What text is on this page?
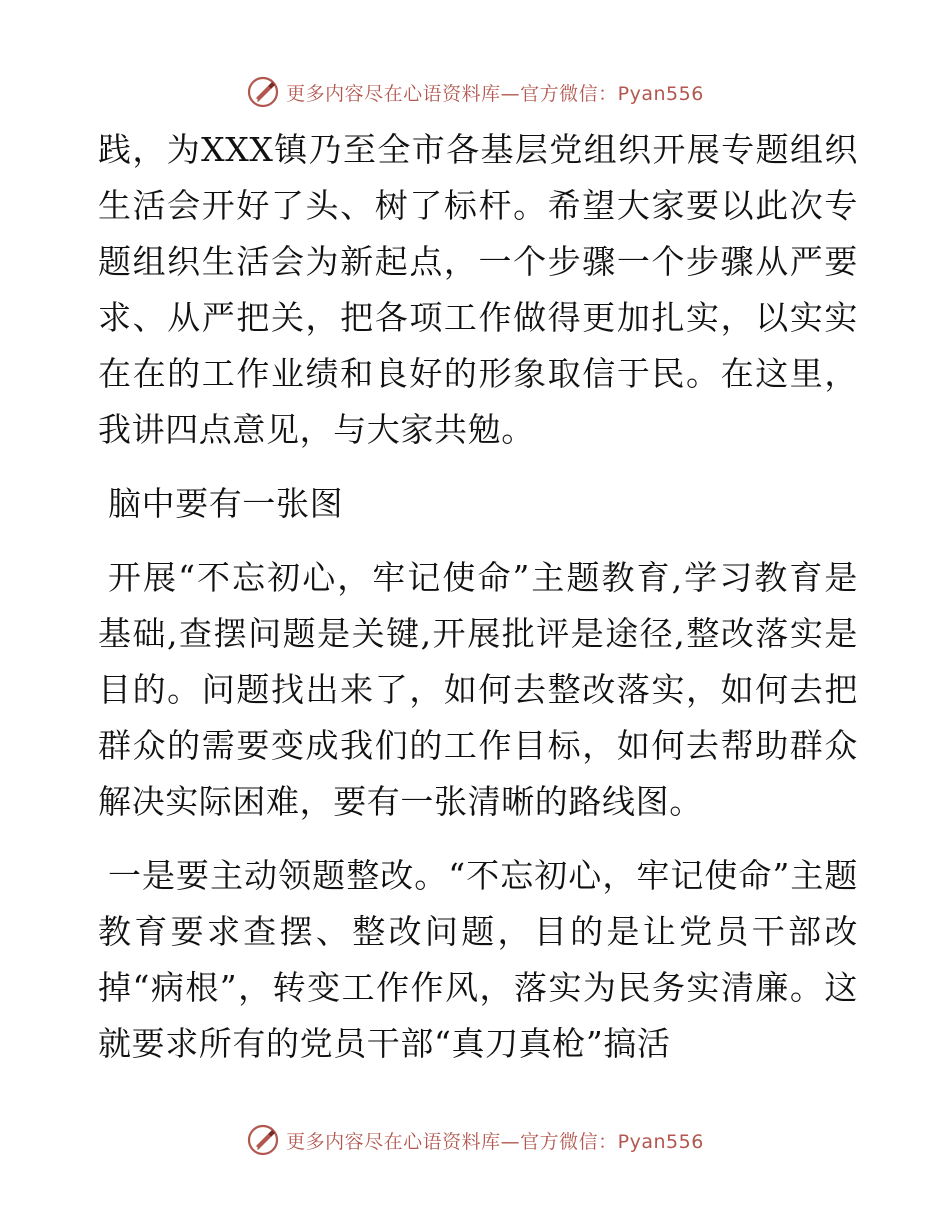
更多内容尽在心语资料库—官方微信：Pyan556

践，为XXX镇乃至全市各基层党组织开展专题组织生活会开好了头、树了标杆。希望大家要以此次专题组织生活会为新起点，一个步骤一个步骤从严要求、从严把关，把各项工作做得更加扎实，以实实在在的工作业绩和良好的形象取信于民。在这里，我讲四点意见，与大家共勉。

脑中要有一张图

开展“不忘初心，牢记使命”主题教育,学习教育是基础,查摆问题是关键,开展批评是途径,整改落实是目的。问题找出来了，如何去整改落实，如何去把群众的需要变成我们的工作目标，如何去帮助群众解决实际困难，要有一张清晰的路线图。

一是要主动领题整改。“不忘初心，牢记使命”主题教育要求查摆、整改问题，目的是让党员干部改掉“病根”，转变工作作风，落实为民务实清廉。这就要求所有的党员干部“真刀真枪”搞活

更多内容尽在心语资料库—官方微信：Pyan556
